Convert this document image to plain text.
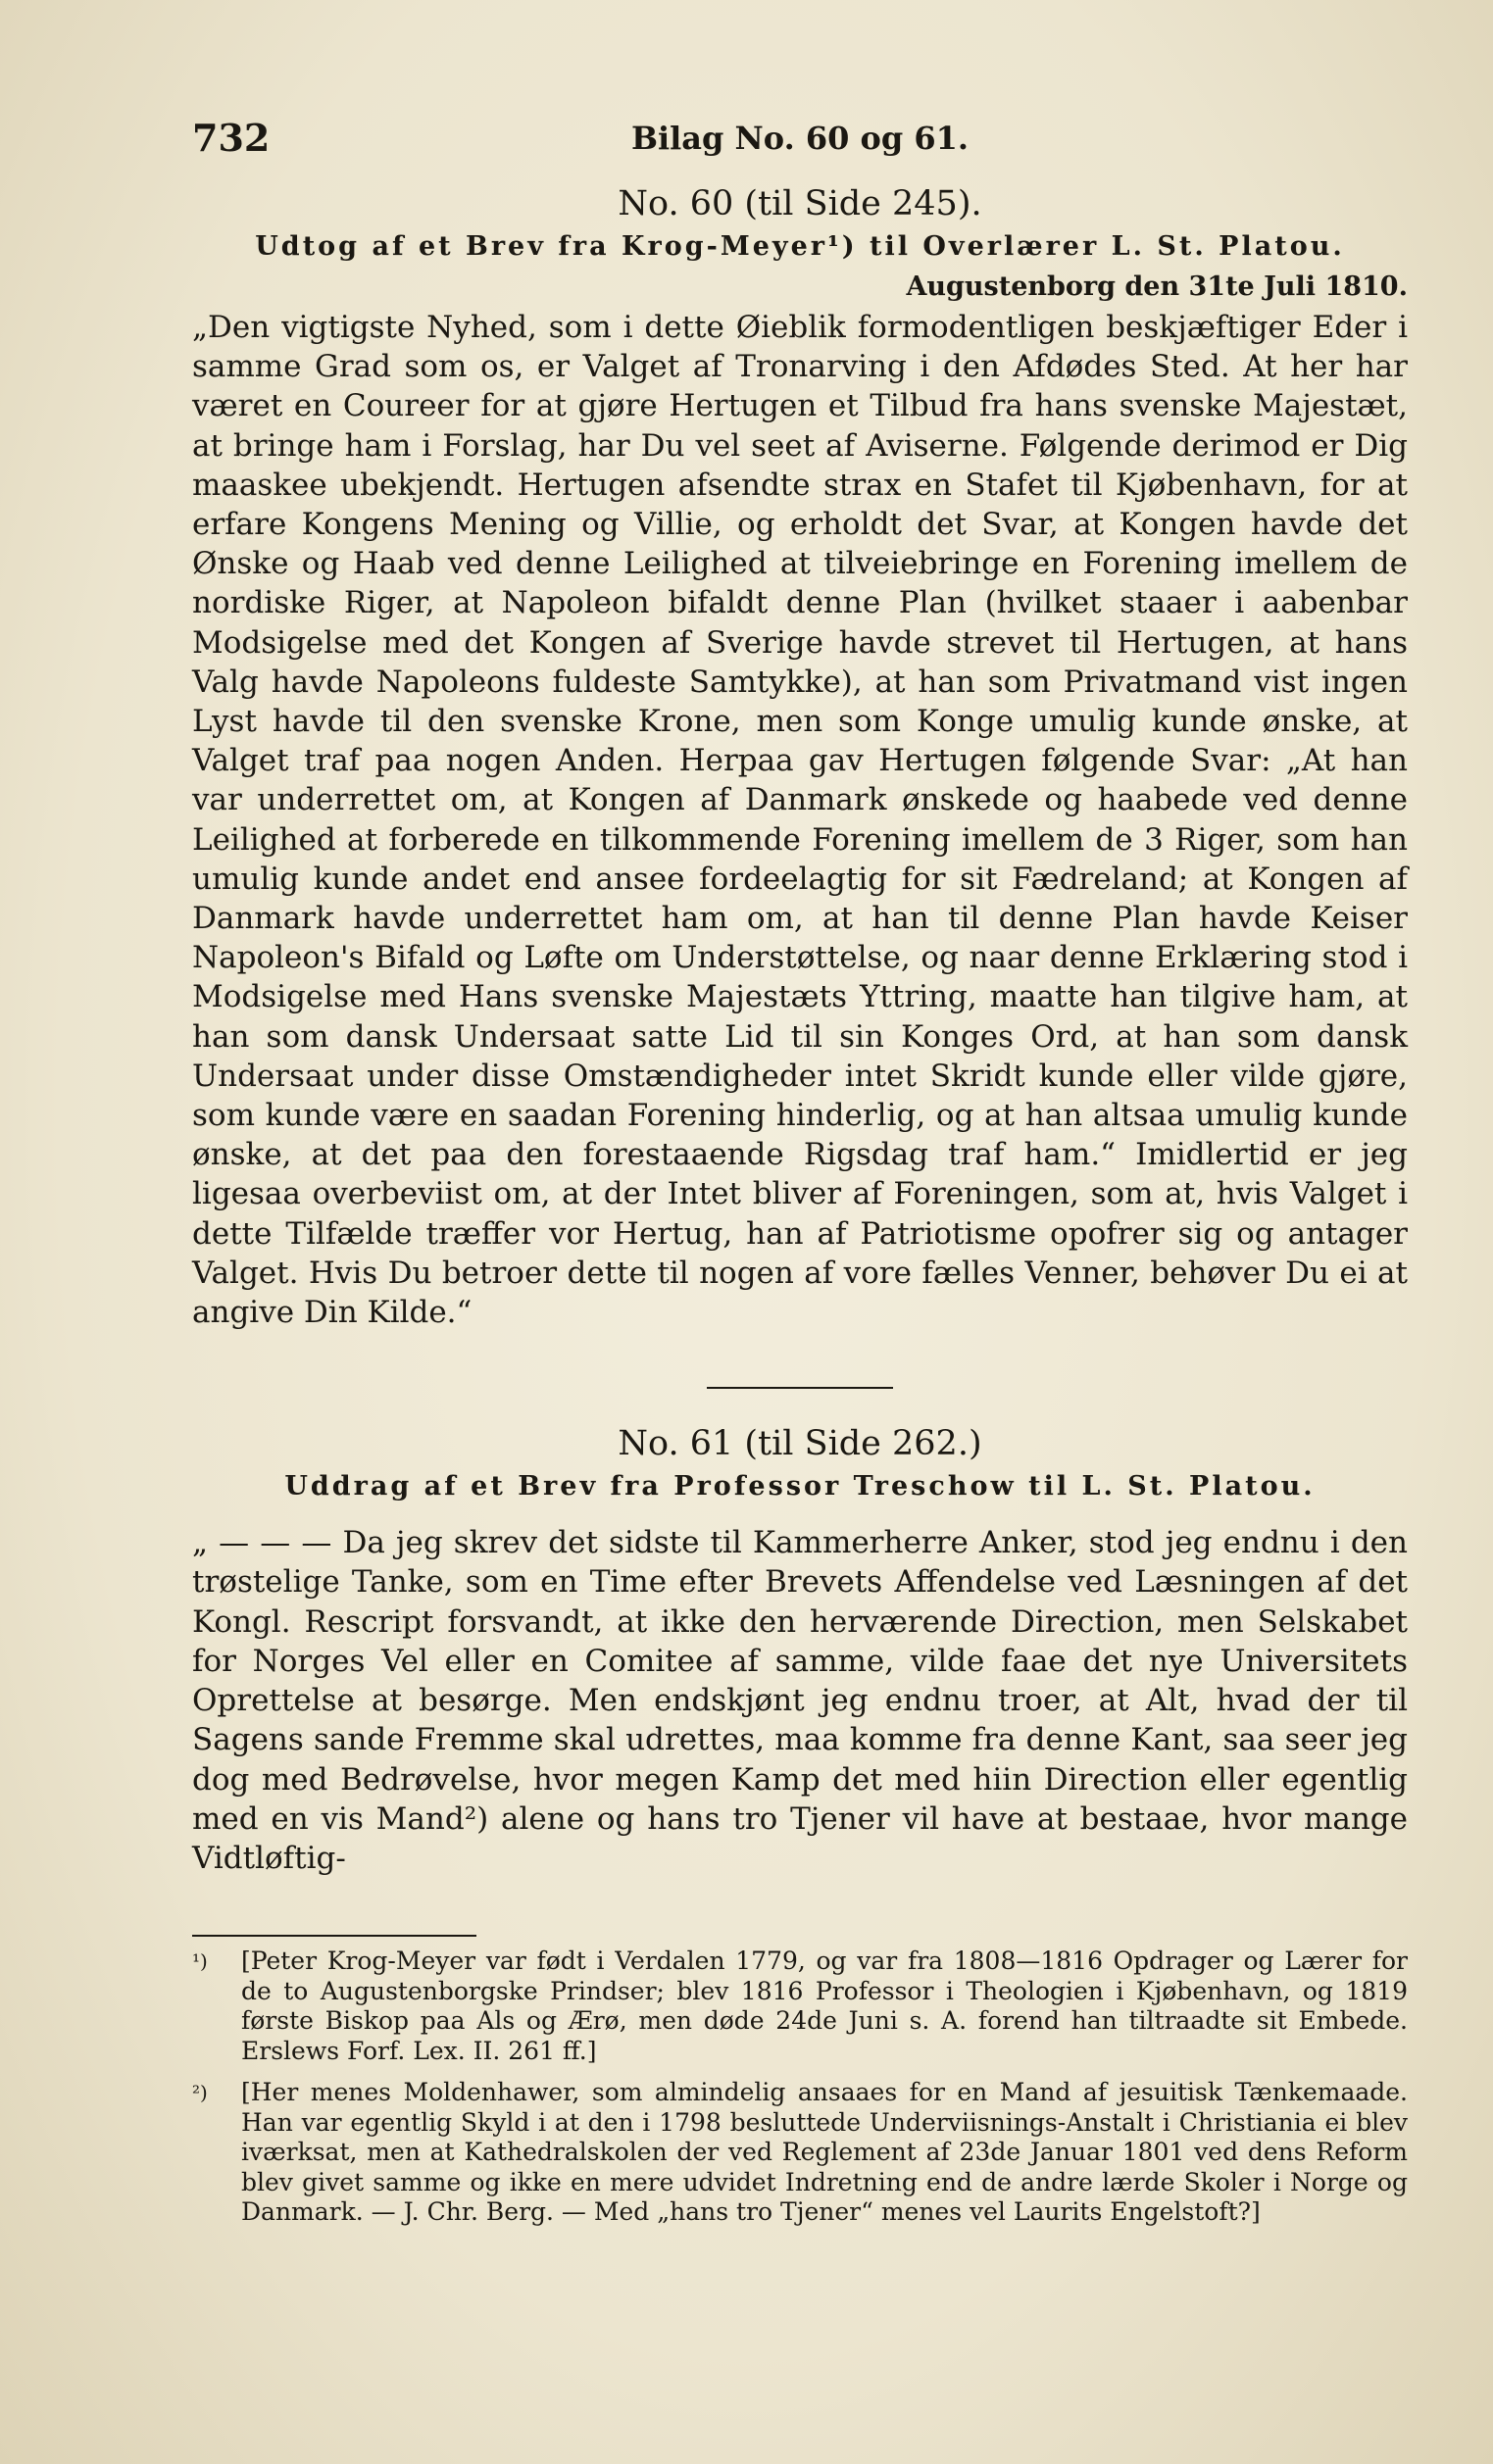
732	Bilag No. 60 og 61.
No. 60 (til Side 245).
Udtog af et Brev fra Krog-Meyer¹) til Overlærer L. St. Platou.
Augustenborg den 31te Juli 1810.

„Den vigtigste Nyhed, som i dette Øieblik formodentligen beskjæftiger Eder i samme Grad som os, er Valget af Tronarving i den Afdødes Sted. At her har været en Coureer for at gjøre Hertugen et Tilbud fra hans svenske Majestæt, at bringe ham i Forslag, har Du vel seet af Aviserne. Følgende derimod er Dig maaskee ubekjendt. Hertugen afsendte strax en Stafet til Kjøbenhavn, for at erfare Kongens Mening og Villie, og erholdt det Svar, at Kongen havde det Ønske og Haab ved denne Leilighed at tilveiebringe en Forening imellem de nordiske Riger, at Napoleon bifaldt denne Plan (hvilket staaer i aabenbar Modsigelse med det Kongen af Sverige havde strevet til Hertugen, at hans Valg havde Napoleons fuldeste Samtykke), at han som Privatmand vist ingen Lyst havde til den svenske Krone, men som Konge umulig kunde ønske, at Valget traf paa nogen Anden. Herpaa gav Hertugen følgende Svar: „At han var underrettet om, at Kongen af Danmark ønskede og haabede ved denne Leilighed at forberede en tilkommende Forening imellem de 3 Riger, som han umulig kunde andet end ansee fordeelagtig for sit Fædreland; at Kongen af Danmark havde underrettet ham om, at han til denne Plan havde Keiser Napoleon's Bifald og Løfte om Understøttelse, og naar denne Erklæring stod i Modsigelse med Hans svenske Majestæts Yttring, maatte han tilgive ham, at han som dansk Undersaat satte Lid til sin Konges Ord, at han som dansk Undersaat under disse Omstændigheder intet Skridt kunde eller vilde gjøre, som kunde være en saadan Forening hinderlig, og at han altsaa umulig kunde ønske, at det paa den forestaaende Rigsdag traf ham.“ Imidlertid er jeg ligesaa overbeviist om, at der Intet bliver af Foreningen, som at, hvis Valget i dette Tilfælde træffer vor Hertug, han af Patriotisme opofrer sig og antager Valget. Hvis Du betroer dette til nogen af vore fælles Venner, behøver Du ei at angive Din Kilde.“

No. 61 (til Side 262.)
Uddrag af et Brev fra Professor Treschow til L. St. Platou.

„ — — — Da jeg skrev det sidste til Kammerherre Anker, stod jeg endnu i den trøstelige Tanke, som en Time efter Brevets Affendelse ved Læsningen af det Kongl. Rescript forsvandt, at ikke den herværende Direction, men Selskabet for Norges Vel eller en Comitee af samme, vilde faae det nye Universitets Oprettelse at besørge. Men endskjønt jeg endnu troer, at Alt, hvad der til Sagens sande Fremme skal udrettes, maa komme fra denne Kant, saa seer jeg dog med Bedrøvelse, hvor megen Kamp det med hiin Direction eller egentlig med en vis Mand²) alene og hans tro Tjener vil have at bestaae, hvor mange Vidtløftig-

¹)	[Peter Krog-Meyer var født i Verdalen 1779, og var fra 1808—1816 Opdrager og Lærer for de to Augustenborgske Prindser; blev 1816 Professor i Theologien i Kjøbenhavn, og 1819 første Biskop paa Als og Ærø, men døde 24de Juni s. A. forend han tiltraadte sit Embede. Erslews Forf. Lex. II. 261 ff.]
²)	[Her menes Moldenhawer, som almindelig ansaaes for en Mand af jesuitisk Tænkemaade. Han var egentlig Skyld i at den i 1798 besluttede Underviisnings-Anstalt i Christiania ei blev iværksat, men at Kathedralskolen der ved Reglement af 23de Januar 1801 ved dens Reform blev givet samme og ikke en mere udvidet Indretning end de andre lærde Skoler i Norge og Danmark. — J. Chr. Berg. — Med „hans tro Tjener“ menes vel Laurits Engelstoft?]
